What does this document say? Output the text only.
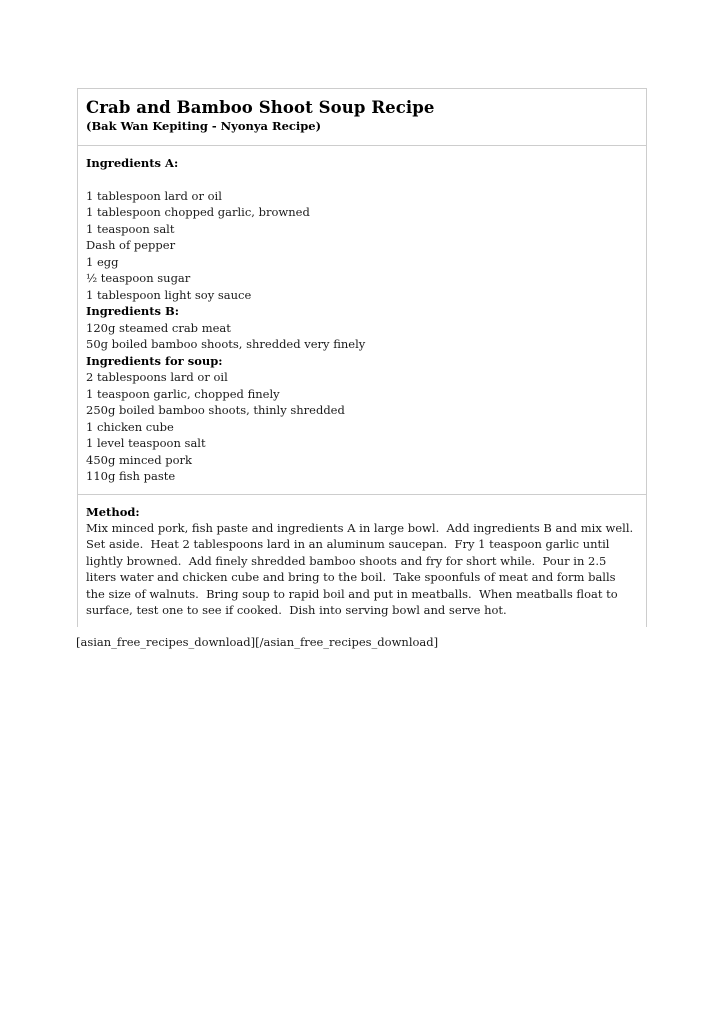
Crab and Bamboo Shoot Soup Recipe
(Bak Wan Kepiting - Nyonya Recipe)
Ingredients A:
1 tablespoon lard or oil
1 tablespoon chopped garlic, browned
1 teaspoon salt
Dash of pepper
1 egg
½ teaspoon sugar
1 tablespoon light soy sauce
Ingredients B:
120g steamed crab meat
50g boiled bamboo shoots, shredded very finely
Ingredients for soup:
2 tablespoons lard or oil
1 teaspoon garlic, chopped finely
250g boiled bamboo shoots, thinly shredded
1 chicken cube
1 level teaspoon salt
450g minced pork
110g fish paste
Method:
Mix minced pork, fish paste and ingredients A in large bowl.  Add ingredients B and mix well.  Set aside.  Heat 2 tablespoons lard in an aluminum saucepan.  Fry 1 teaspoon garlic until lightly browned.  Add finely shredded bamboo shoots and fry for short while.  Pour in 2.5 liters water and chicken cube and bring to the boil.  Take spoonfuls of meat and form balls the size of walnuts.  Bring soup to rapid boil and put in meatballs.  When meatballs float to surface, test one to see if cooked.  Dish into serving bowl and serve hot.
[asian_free_recipes_download][/asian_free_recipes_download]
